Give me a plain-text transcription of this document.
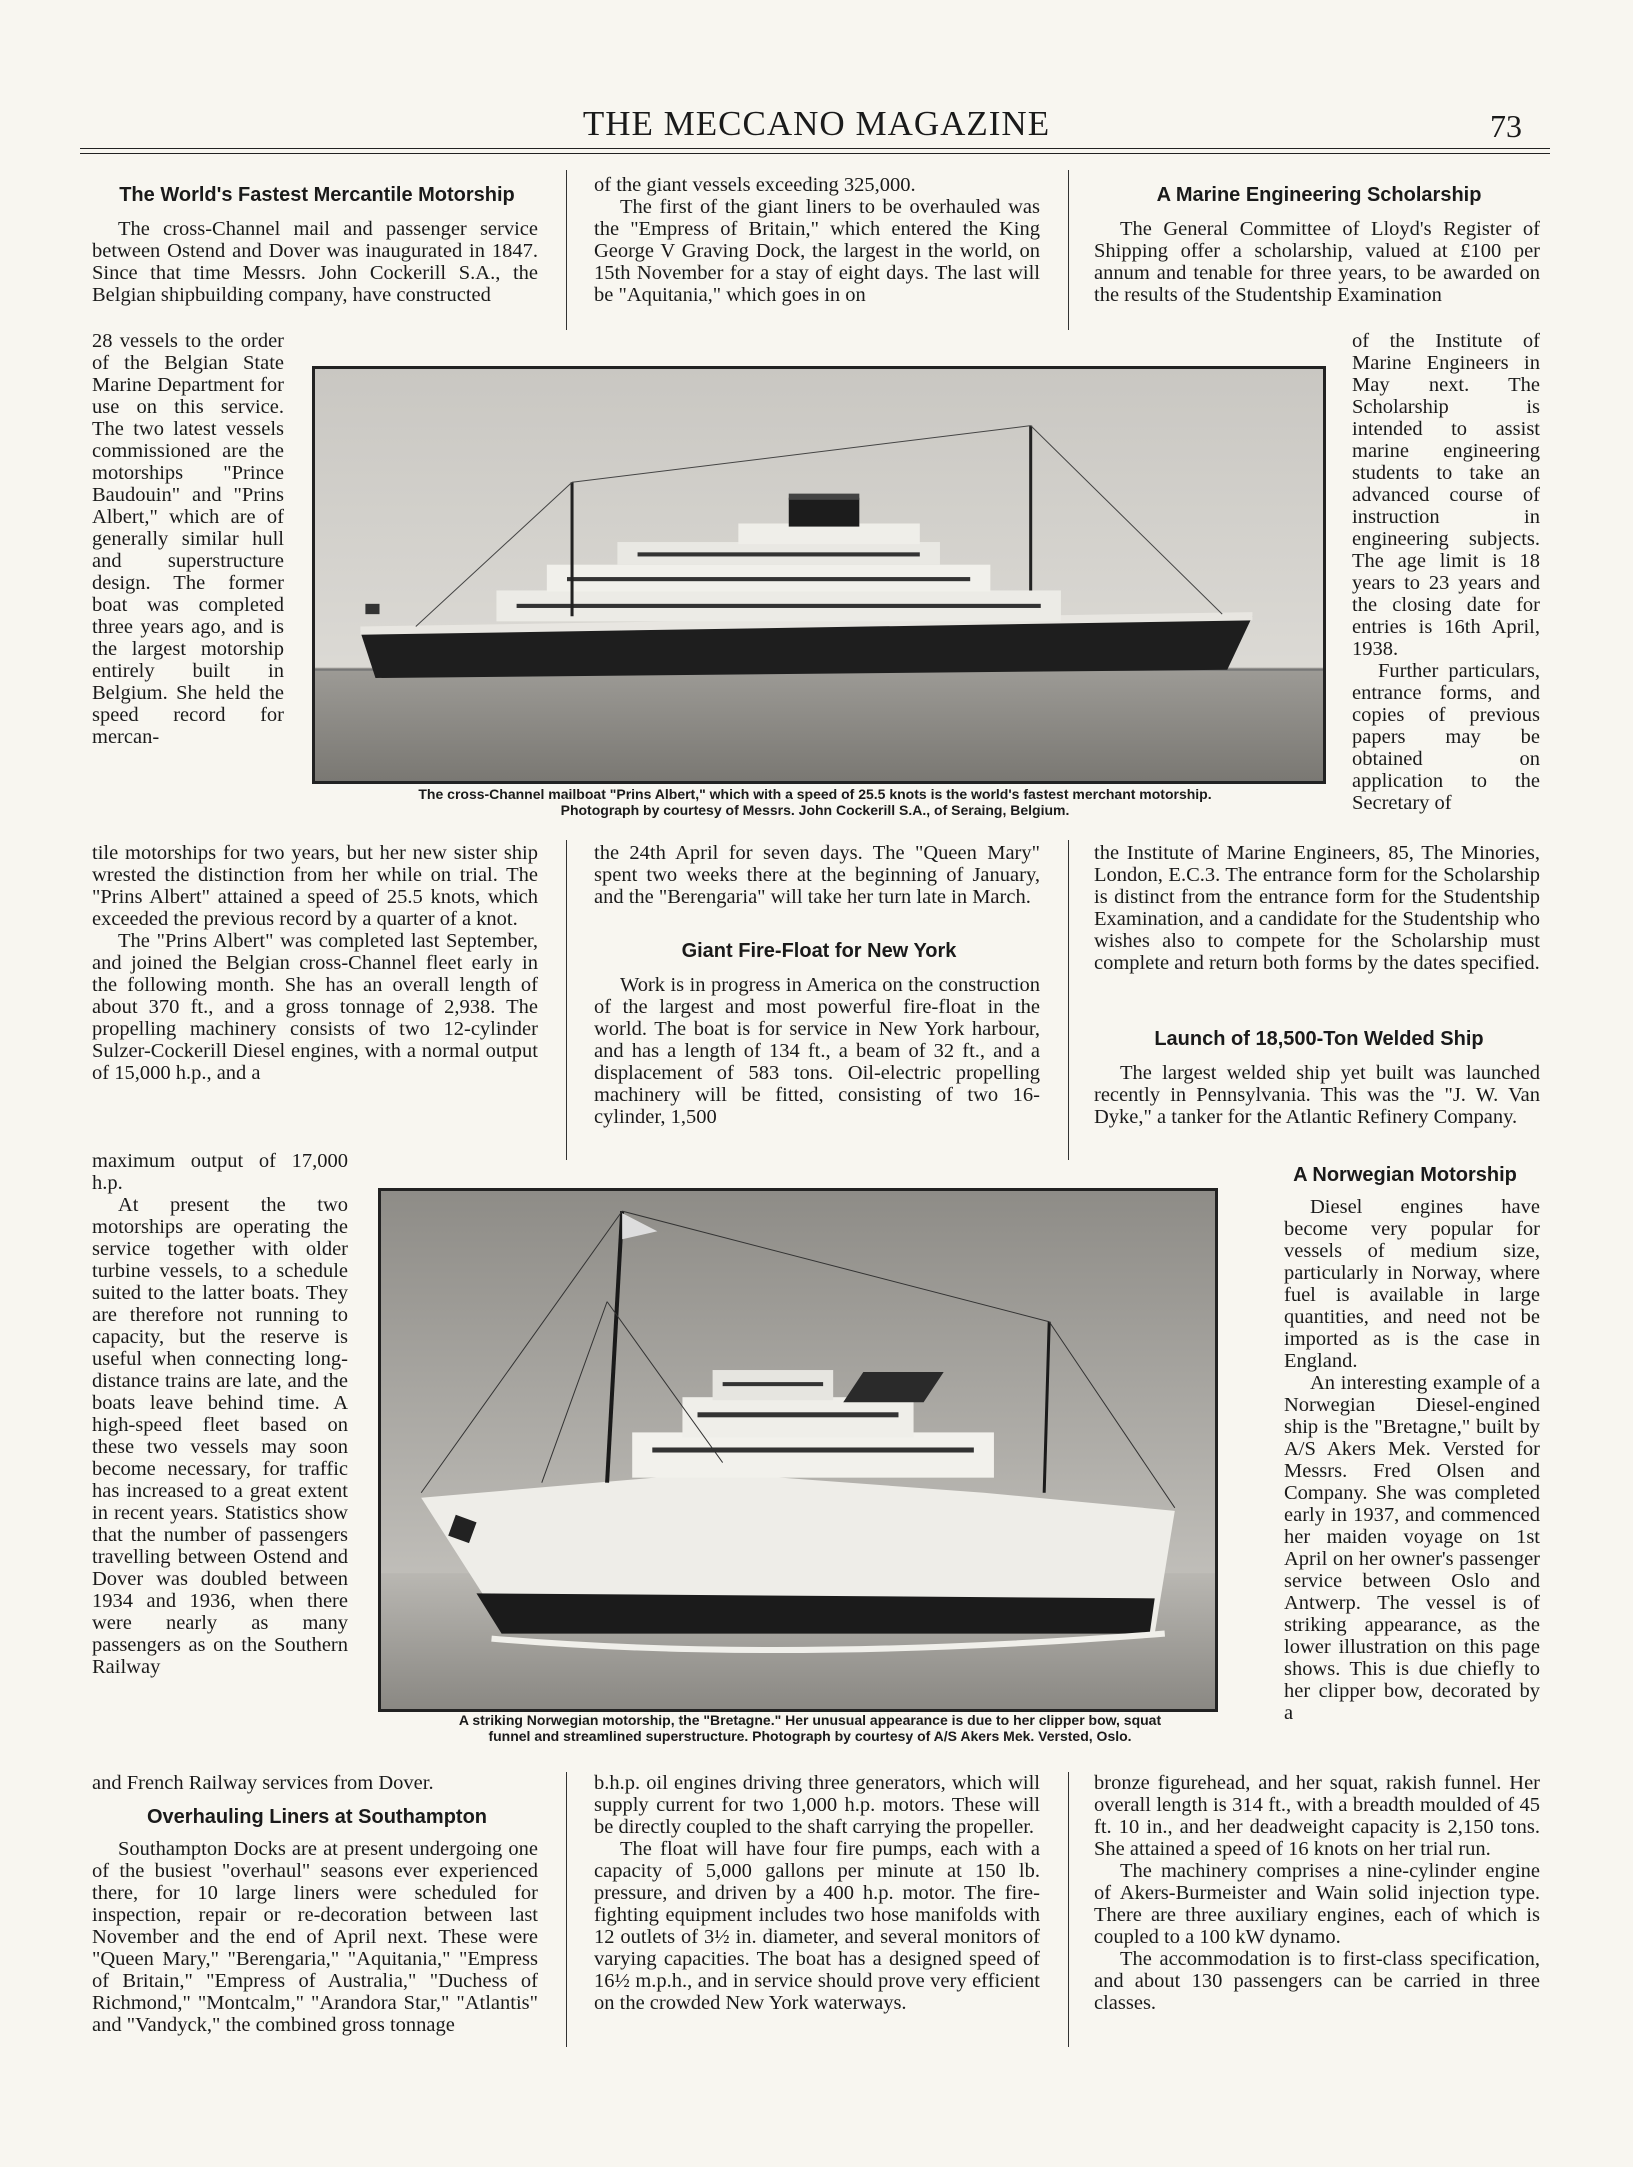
THE MECCANO MAGAZINE	73
The World's Fastest Mercantile Motorship

The cross-Channel mail and passenger service between Ostend and Dover was inaugurated in 1847. Since that time Messrs. John Cockerill S.A., the Belgian shipbuilding company, have constructed

28 vessels to the order of the Belgian State Marine Department for use on this service. The two latest vessels commissioned are the motorships "Prince Baudouin" and "Prins Albert," which are of generally similar hull and superstructure design. The former boat was completed three years ago, and is the largest motorship entirely built in Belgium. She held the speed record for mercan-

tile motorships for two years, but her new sister ship wrested the distinction from her while on trial. The "Prins Albert" attained a speed of 25.5 knots, which exceeded the previous record by a quarter of a knot.

The "Prins Albert" was completed last September, and joined the Belgian cross-Channel fleet early in the following month. She has an overall length of about 370 ft., and a gross tonnage of 2,938. The propelling machinery consists of two 12-cylinder Sulzer-Cockerill Diesel engines, with a normal output of 15,000 h.p., and a

maximum output of 17,000 h.p.

At present the two motorships are operating the service together with older turbine vessels, to a schedule suited to the latter boats. They are therefore not running to capacity, but the reserve is useful when connecting long-distance trains are late, and the boats leave behind time. A high-speed fleet based on these two vessels may soon become necessary, for traffic has increased to a great extent in recent years. Statistics show that the number of passengers travelling between Ostend and Dover was doubled between 1934 and 1936, when there were nearly as many passengers as on the Southern Railway

and French Railway services from Dover.

Overhauling Liners at Southampton

Southampton Docks are at present undergoing one of the busiest "overhaul" seasons ever experienced there, for 10 large liners were scheduled for inspection, repair or re-decoration between last November and the end of April next. These were "Queen Mary," "Berengaria," "Aquitania," "Empress of Britain," "Empress of Australia," "Duchess of Richmond," "Montcalm," "Arandora Star," "Atlantis" and "Vandyck," the combined gross tonnage

of the giant vessels exceeding 325,000.

The first of the giant liners to be overhauled was the "Empress of Britain," which entered the King George V Graving Dock, the largest in the world, on 15th November for a stay of eight days. The last will be "Aquitania," which goes in on

the 24th April for seven days. The "Queen Mary" spent two weeks there at the beginning of January, and the "Berengaria" will take her turn late in March.

Giant Fire-Float for New York

Work is in progress in America on the construction of the largest and most powerful fire-float in the world. The boat is for service in New York harbour, and has a length of 134 ft., a beam of 32 ft., and a displacement of 583 tons. Oil-electric propelling machinery will be fitted, consisting of two 16-cylinder, 1,500

b.h.p. oil engines driving three generators, which will supply current for two 1,000 h.p. motors. These will be directly coupled to the shaft carrying the propeller.

The float will have four fire pumps, each with a capacity of 5,000 gallons per minute at 150 lb. pressure, and driven by a 400 h.p. motor. The fire-fighting equipment includes two hose manifolds with 12 outlets of 3½ in. diameter, and several monitors of varying capacities. The boat has a designed speed of 16½ m.p.h., and in service should prove very efficient on the crowded New York waterways.

A Marine Engineering Scholarship

The General Committee of Lloyd's Register of Shipping offer a scholarship, valued at £100 per annum and tenable for three years, to be awarded on the results of the Studentship Examination

of the Institute of Marine Engineers in May next. The Scholarship is intended to assist marine engineering students to take an advanced course of instruction in engineering subjects. The age limit is 18 years to 23 years and the closing date for entries is 16th April, 1938.

Further particulars, entrance forms, and copies of previous papers may be obtained on application to the Secretary of

the Institute of Marine Engineers, 85, The Minories, London, E.C.3. The entrance form for the Scholarship is distinct from the entrance form for the Studentship Examination, and a candidate for the Studentship who wishes also to compete for the Scholarship must complete and return both forms by the dates specified.

Launch of 18,500-Ton Welded Ship

The largest welded ship yet built was launched recently in Pennsylvania. This was the "J. W. Van Dyke," a tanker for the Atlantic Refinery Company.

A Norwegian Motorship

Diesel engines have become very popular for vessels of medium size, particularly in Norway, where fuel is available in large quantities, and need not be imported as is the case in England.

An interesting example of a Norwegian Diesel-engined ship is the "Bretagne," built by A/S Akers Mek. Versted for Messrs. Fred Olsen and Company. She was completed early in 1937, and commenced her maiden voyage on 1st April on her owner's passenger service between Oslo and Antwerp. The vessel is of striking appearance, as the lower illustration on this page shows. This is due chiefly to her clipper bow, decorated by a

bronze figurehead, and her squat, rakish funnel. Her overall length is 314 ft., with a breadth moulded of 45 ft. 10 in., and her deadweight capacity is 2,150 tons. She attained a speed of 16 knots on her trial run.

The machinery comprises a nine-cylinder engine of Akers-Burmeister and Wain solid injection type. There are three auxiliary engines, each of which is coupled to a 100 kW dynamo.

The accommodation is to first-class specification, and about 130 passengers can be carried in three classes.

The cross-Channel mailboat "Prins Albert," which with a speed of 25.5 knots is the world's fastest merchant motorship.
Photograph by courtesy of Messrs. John Cockerill S.A., of Seraing, Belgium.
A striking Norwegian motorship, the "Bretagne." Her unusual appearance is due to her clipper bow, squat
funnel and streamlined superstructure. Photograph by courtesy of A/S Akers Mek. Versted, Oslo.
